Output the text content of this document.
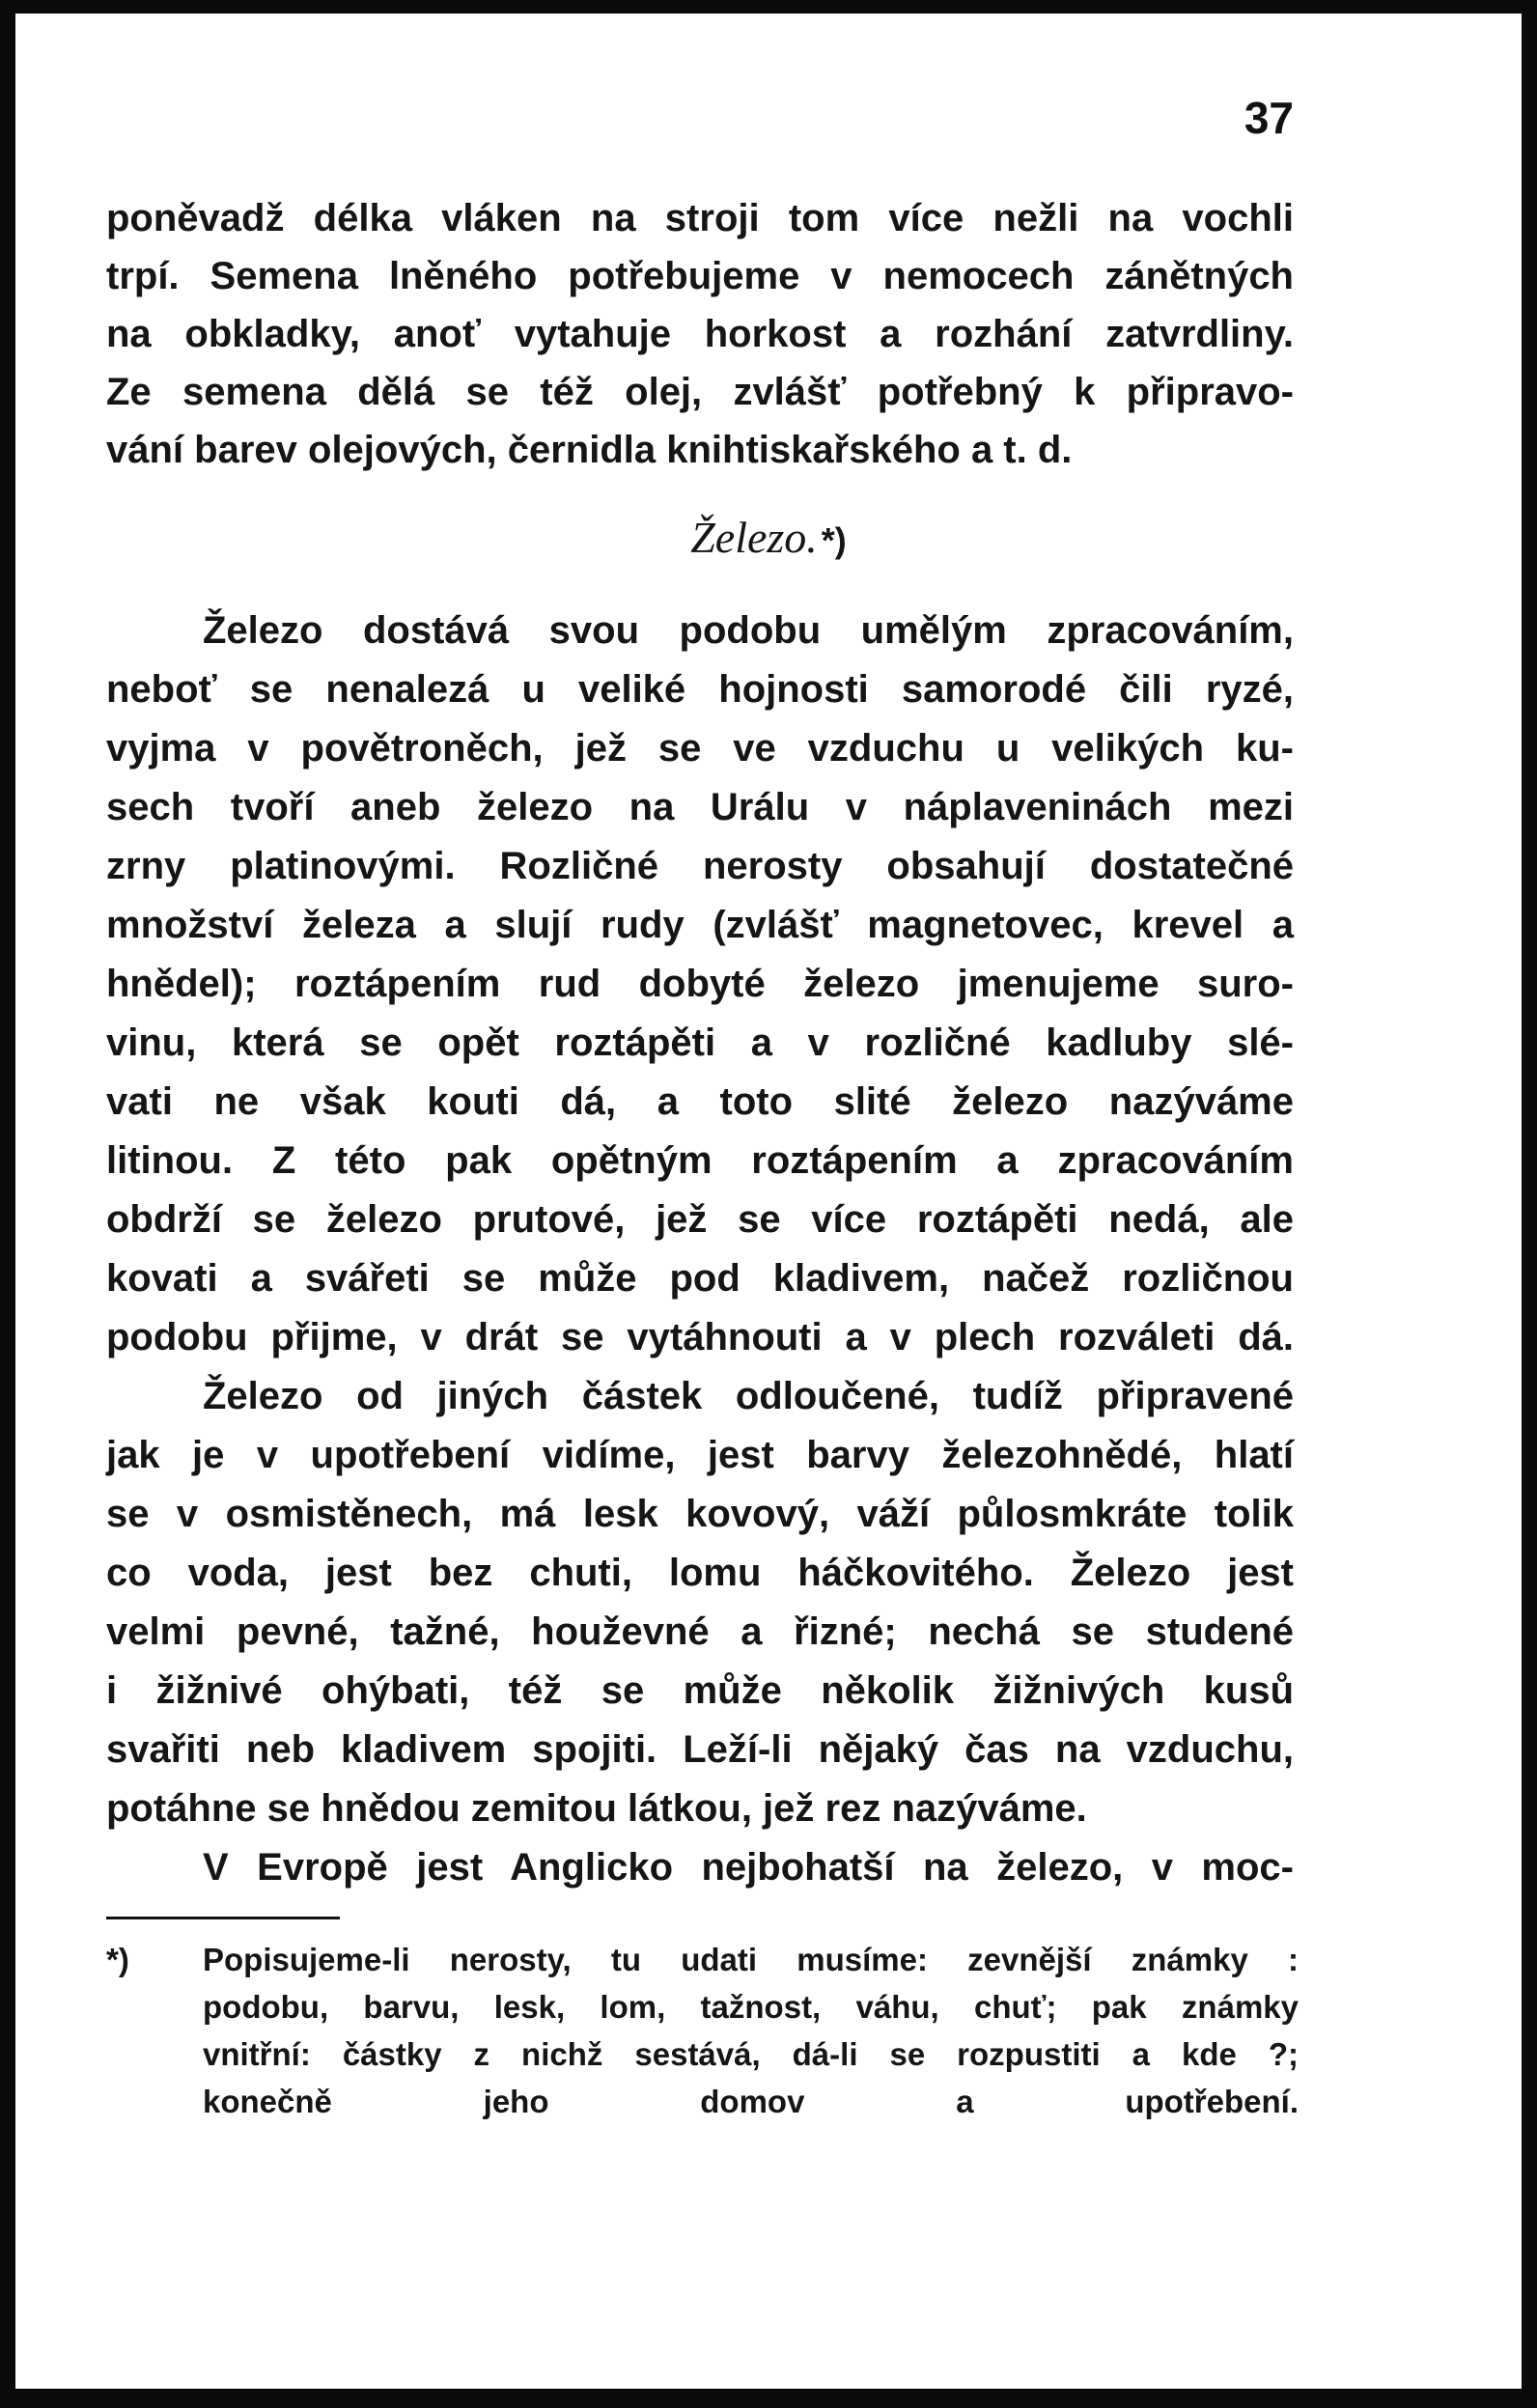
37
poněvadž délka vláken na stroji tom více nežli na vochli
trpí. Semena lněného potřebujeme v nemocech zánětných
na obkladky, anoť vytahuje horkost a rozhání zatvrdliny.
Ze semena dělá se též olej, zvlášť potřebný k připravo-
vání barev olejových, černidla knihtiskařského a t. d.
Železo. *)
Železo dostává svou podobu umělým zpracováním,
neboť se nenalezá u veliké hojnosti samorodé čili ryzé,
vyjma v povětroněch, jež se ve vzduchu u velikých ku-
sech tvoří aneb železo na Urálu v náplaveninách mezi
zrny platinovými. Rozličné nerosty obsahují dostatečné
množství železa a slují rudy (zvlášť magnetovec, krevel a
hnědel); roztápením rud dobyté železo jmenujeme suro-
vinu, která se opět roztápěti a v rozličné kadluby slé-
vati ne však kouti dá, a toto slité železo nazýváme
litinou. Z této pak opětným roztápením a zpracováním
obdrží se železo prutové, jež se více roztápěti nedá, ale
kovati a svářeti se může pod kladivem, načež rozličnou
podobu přijme, v drát se vytáhnouti a v plech rozváleti dá.
Železo od jiných částek odloučené, tudíž připravené
jak je v upotřebení vidíme, jest barvy železohnědé, hlatí
se v osmistěnech, má lesk kovový, váží půlosmkráte tolik
co voda, jest bez chuti, lomu háčkovitého. Železo jest
velmi pevné, tažné, houževné a řizné; nechá se studené
i žižnivé ohýbati, též se může několik žižnivých kusů
svařiti neb kladivem spojiti. Leží-li nějaký čas na vzduchu,
potáhne se hnědou zemitou látkou, jež rez nazýváme.
V Evropě jest Anglicko nejbohatší na železo, v moc-
*)	Popisujeme-li nerosty, tu udati musíme: zevnější známky :
podobu, barvu, lesk, lom, tažnost, váhu, chuť; pak známky
vnitřní: částky z nichž sestává, dá-li se rozpustiti a kde ?;
konečně jeho domov a upotřebení.
